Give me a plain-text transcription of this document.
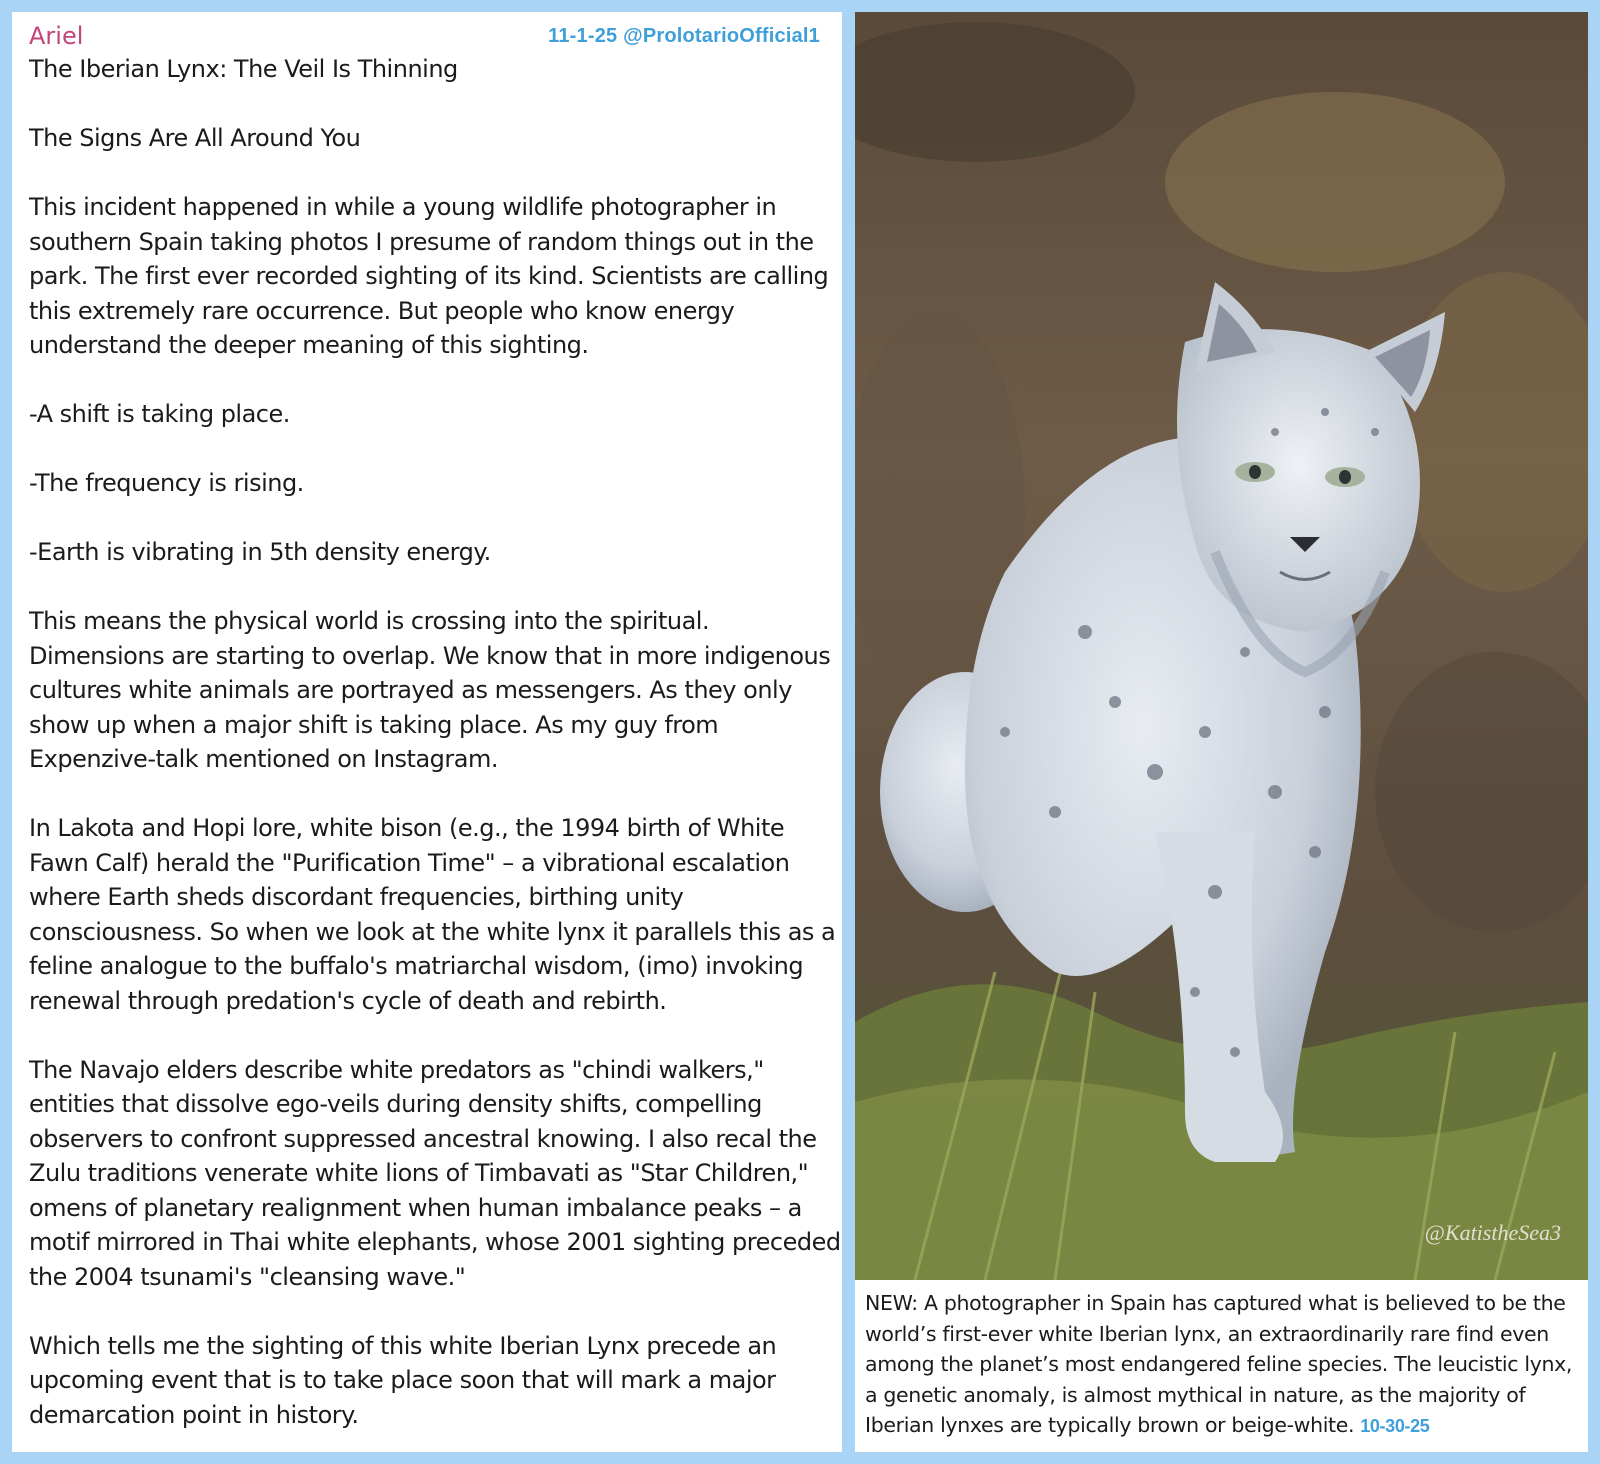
Ariel	11-1-25 @ProlotarioOfficial1

The Iberian Lynx: The Veil Is Thinning

The Signs Are All Around You

This incident happened in while a young wildlife photographer in southern Spain taking photos I presume of random things out in the park. The first ever recorded sighting of its kind. Scientists are calling this extremely rare occurrence. But people who know energy understand the deeper meaning of this sighting.

-A shift is taking place.

-The frequency is rising.

-Earth is vibrating in 5th density energy.

This means the physical world is crossing into the spiritual. Dimensions are starting to overlap. We know that in more indigenous cultures white animals are portrayed as messengers. As they only show up when a major shift is taking place. As my guy from Expenzive-talk mentioned on Instagram.

In Lakota and Hopi lore, white bison (e.g., the 1994 birth of White Fawn Calf) herald the "Purification Time" – a vibrational escalation where Earth sheds discordant frequencies, birthing unity consciousness. So when we look at the white lynx it parallels this as a feline analogue to the buffalo's matriarchal wisdom, (imo) invoking renewal through predation's cycle of death and rebirth.

The Navajo elders describe white predators as "chindi walkers," entities that dissolve ego-veils during density shifts, compelling observers to confront suppressed ancestral knowing. I also recal the Zulu traditions venerate white lions of Timbavati as "Star Children," omens of planetary realignment when human imbalance peaks – a motif mirrored in Thai white elephants, whose 2001 sighting preceded the 2004 tsunami's "cleansing wave."

Which tells me the sighting of this white Iberian Lynx precede an upcoming event that is to take place soon that will mark a major demarcation point in history.

@KatistheSea3
NEW: A photographer in Spain has captured what is believed to be the world’s first-ever white Iberian lynx, an extraordinarily rare find even among the planet’s most endangered feline species. The leucistic lynx, a genetic anomaly, is almost mythical in nature, as the majority of Iberian lynxes are typically brown or beige-white. 10-30-25
